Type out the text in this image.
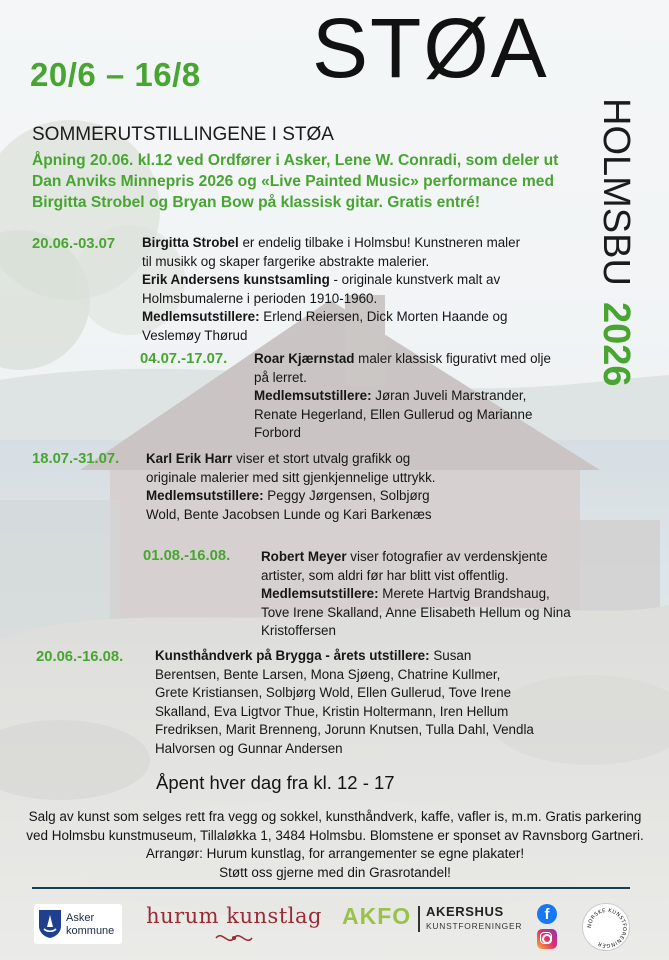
20/6 – 16/8 STØA
HOLMSBU
2026
SOMMERUTSTILLINGENE I STØA
Åpning 20.06. kl.12 ved Ordfører i Asker, Lene W. Conradi, som deler ut Dan Anviks Minnepris 2026 og «Live Painted Music» performance med Birgitta Strobel og Bryan Bow på klassisk gitar. Gratis entré!
20.06.-03.07 Birgitta Strobel er endelig tilbake i Holmsbu! Kunstneren maler til musikk og skaper fargerike abstrakte malerier.
Erik Andersens kunstsamling - originale kunstverk malt av Holmsbumalerne i perioden 1910-1960.
Medlemsutstillere: Erlend Reiersen, Dick Morten Haande og Veslemøy Thørud
04.07.-17.07. Roar Kjærnstad maler klassisk figurativt med olje på lerret.
Medlemsutstillere: Jøran Juveli Marstrander, Renate Hegerland, Ellen Gullerud og Marianne Forbord
18.07.-31.07. Karl Erik Harr viser et stort utvalg grafikk og originale malerier med sitt gjenkjennelige uttrykk.
Medlemsutstillere: Peggy Jørgensen, Solbjørg Wold, Bente Jacobsen Lunde og Kari Barkenæs
01.08.-16.08. Robert Meyer viser fotografier av verdenskjente artister, som aldri før har blitt vist offentlig.
Medlemsutstillere: Merete Hartvig Brandshaug, Tove Irene Skalland, Anne Elisabeth Hellum og Nina Kristoffersen
20.06.-16.08. Kunsthåndverk på Brygga - årets utstillere: Susan Berentsen, Bente Larsen, Mona Sjøeng, Chatrine Kullmer, Grete Kristiansen, Solbjørg Wold, Ellen Gullerud, Tove Irene Skalland, Eva Ligtvor Thue, Kristin Holtermann, Iren Hellum Fredriksen, Marit Brenneng, Jorunn Knutsen, Tulla Dahl, Vendla Halvorsen og Gunnar Andersen
Åpent hver dag fra kl. 12 - 17
Salg av kunst som selges rett fra vegg og sokkel, kunsthåndverk, kaffe, vafler is, m.m. Gratis parkering ved Holmsbu kunstmuseum, Tillaløkka 1, 3484 Holmsbu. Blomstene er sponset av Ravnsborg Gartneri. Arrangør: Hurum kunstlag, for arrangementer se egne plakater!
Støtt oss gjerne med din Grasrotandel!
Asker kommune
hurum kunstlag AKFO AKERSHUS
KUNSTFORENINGER
f
NORSKE KUNSTFORENINGER
